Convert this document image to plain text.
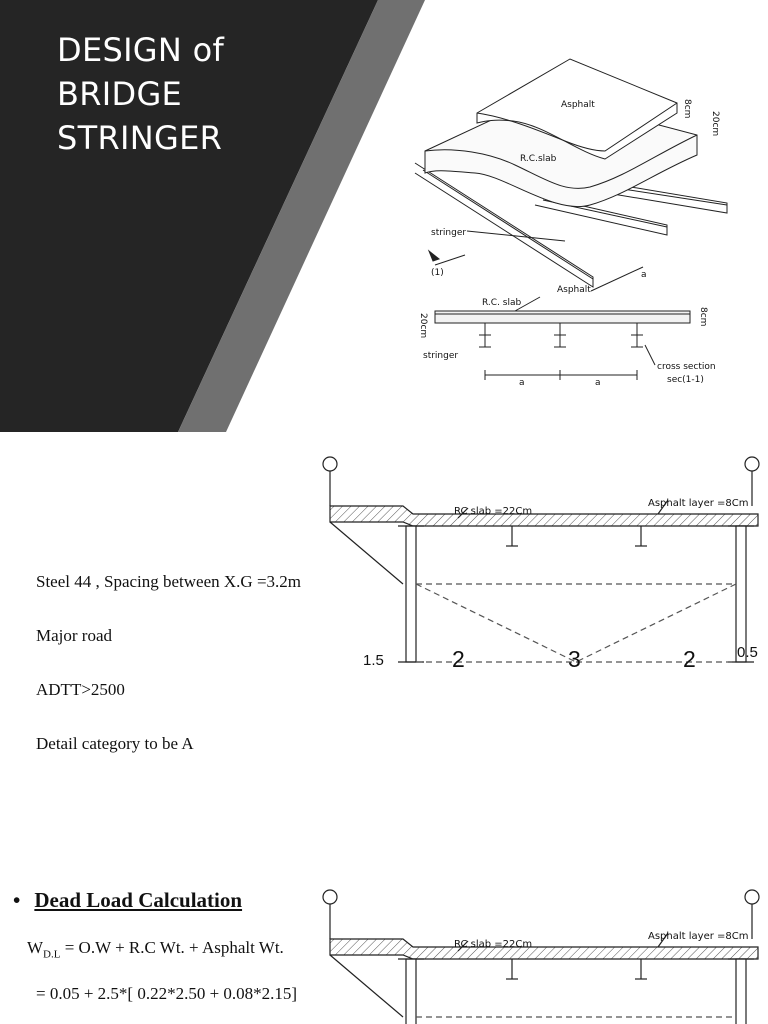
DESIGN of
BRIDGE
STRINGER
Asphalt
R.C.slab
stringer
(1)	a
8cm
20cm
R.C. slab
Asphalt
stringer
20cm	8cm
a	a
cross section
sec(1-1)
RC slab =22Cm
Asphalt layer =8Cm
Steel 44 , Spacing between X.G =3.2m
Major road
ADTT>2500
Detail category to be A
1.5	2	3	2	0.5
• Dead Load Calculation
$W_{D.L} = O.W + R.C$ Wt. + Asphalt Wt.
= 0.05 + 2.5*[ 0.22*2.50 + 0.08*2.15]
RC slab =22Cm
Asphalt layer =8Cm
